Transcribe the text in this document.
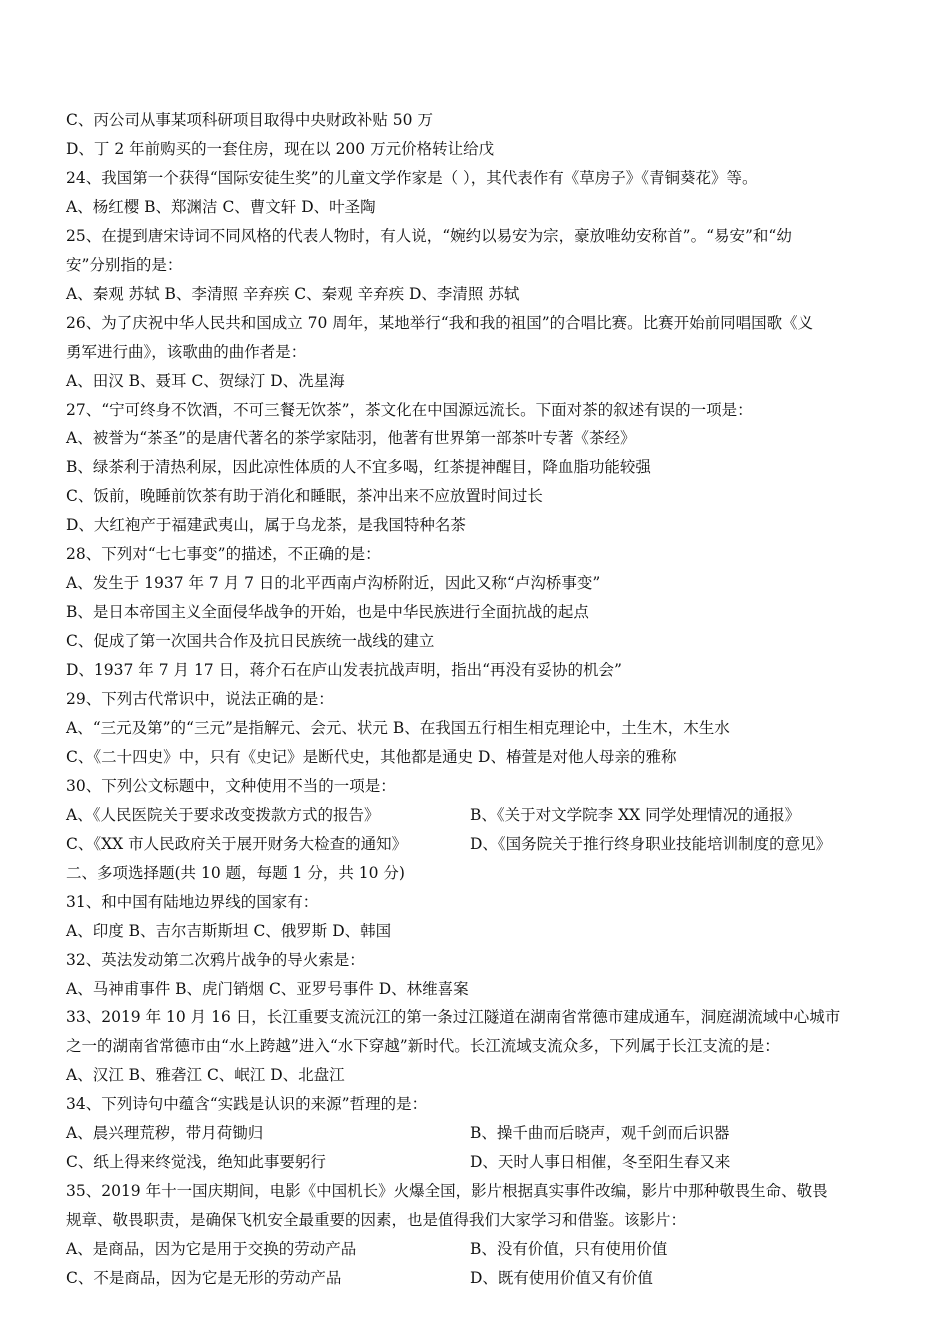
C、丙公司从事某项科研项目取得中央财政补贴 50 万
D、丁 2 年前购买的一套住房，现在以 200 万元价格转让给戊
24、我国第一个获得“国际安徒生奖”的儿童文学作家是（ ），其代表作有《草房子》《青铜葵花》等。
A、杨红樱 B、郑渊洁 C、曹文轩 D、叶圣陶
25、在提到唐宋诗词不同风格的代表人物时，有人说，“婉约以易安为宗，豪放唯幼安称首”。“易安”和“幼
安”分别指的是：
A、秦观 苏轼 B、李清照 辛弃疾 C、秦观 辛弃疾 D、李清照 苏轼
26、为了庆祝中华人民共和国成立 70 周年，某地举行“我和我的祖国”的合唱比赛。比赛开始前同唱国歌《义
勇军进行曲》，该歌曲的曲作者是：
A、田汉 B、聂耳 C、贺绿汀 D、冼星海
27、“宁可终身不饮酒，不可三餐无饮茶”，茶文化在中国源远流长。下面对茶的叙述有误的一项是：
A、被誉为“茶圣”的是唐代著名的茶学家陆羽，他著有世界第一部茶叶专著《茶经》
B、绿茶利于清热利尿，因此凉性体质的人不宜多喝，红茶提神醒目，降血脂功能较强
C、饭前，晚睡前饮茶有助于消化和睡眠，茶冲出来不应放置时间过长
D、大红袍产于福建武夷山，属于乌龙茶，是我国特种名茶
28、下列对“七七事变”的描述，不正确的是：
A、发生于 1937 年 7 月 7 日的北平西南卢沟桥附近，因此又称“卢沟桥事变”
B、是日本帝国主义全面侵华战争的开始，也是中华民族进行全面抗战的起点
C、促成了第一次国共合作及抗日民族统一战线的建立
D、1937 年 7 月 17 日，蒋介石在庐山发表抗战声明，指出“再没有妥协的机会”
29、下列古代常识中，说法正确的是：
A、“三元及第”的“三元”是指解元、会元、状元 B、在我国五行相生相克理论中，土生木，木生水
C、《二十四史》中，只有《史记》是断代史，其他都是通史 D、椿萱是对他人母亲的雅称
30、下列公文标题中，文种使用不当的一项是：
A、《人民医院关于要求改变拨款方式的报告》	B、《关于对文学院李 XX 同学处理情况的通报》
C、《XX 市人民政府关于展开财务大检查的通知》	D、《国务院关于推行终身职业技能培训制度的意见》
二、多项选择题(共 10 题，每题 1 分，共 10 分)
31、和中国有陆地边界线的国家有：
A、印度 B、吉尔吉斯斯坦 C、俄罗斯 D、韩国
32、英法发动第二次鸦片战争的导火索是：
A、马神甫事件 B、虎门销烟 C、亚罗号事件 D、林维喜案
33、2019 年 10 月 16 日，长江重要支流沅江的第一条过江隧道在湖南省常德市建成通车，洞庭湖流域中心城市
之一的湖南省常德市由“水上跨越”进入“水下穿越”新时代。长江流域支流众多，下列属于长江支流的是：
A、汉江 B、雅砻江 C、岷江 D、北盘江
34、下列诗句中蕴含“实践是认识的来源”哲理的是：
A、晨兴理荒秽，带月荷锄归	B、操千曲而后晓声，观千剑而后识器
C、纸上得来终觉浅，绝知此事要躬行	D、天时人事日相催，冬至阳生春又来
35、2019 年十一国庆期间，电影《中国机长》火爆全国，影片根据真实事件改编，影片中那种敬畏生命、敬畏
规章、敬畏职责，是确保飞机安全最重要的因素，也是值得我们大家学习和借鉴。该影片：
A、是商品，因为它是用于交换的劳动产品	B、没有价值，只有使用价值
C、不是商品，因为它是无形的劳动产品	D、既有使用价值又有价值
